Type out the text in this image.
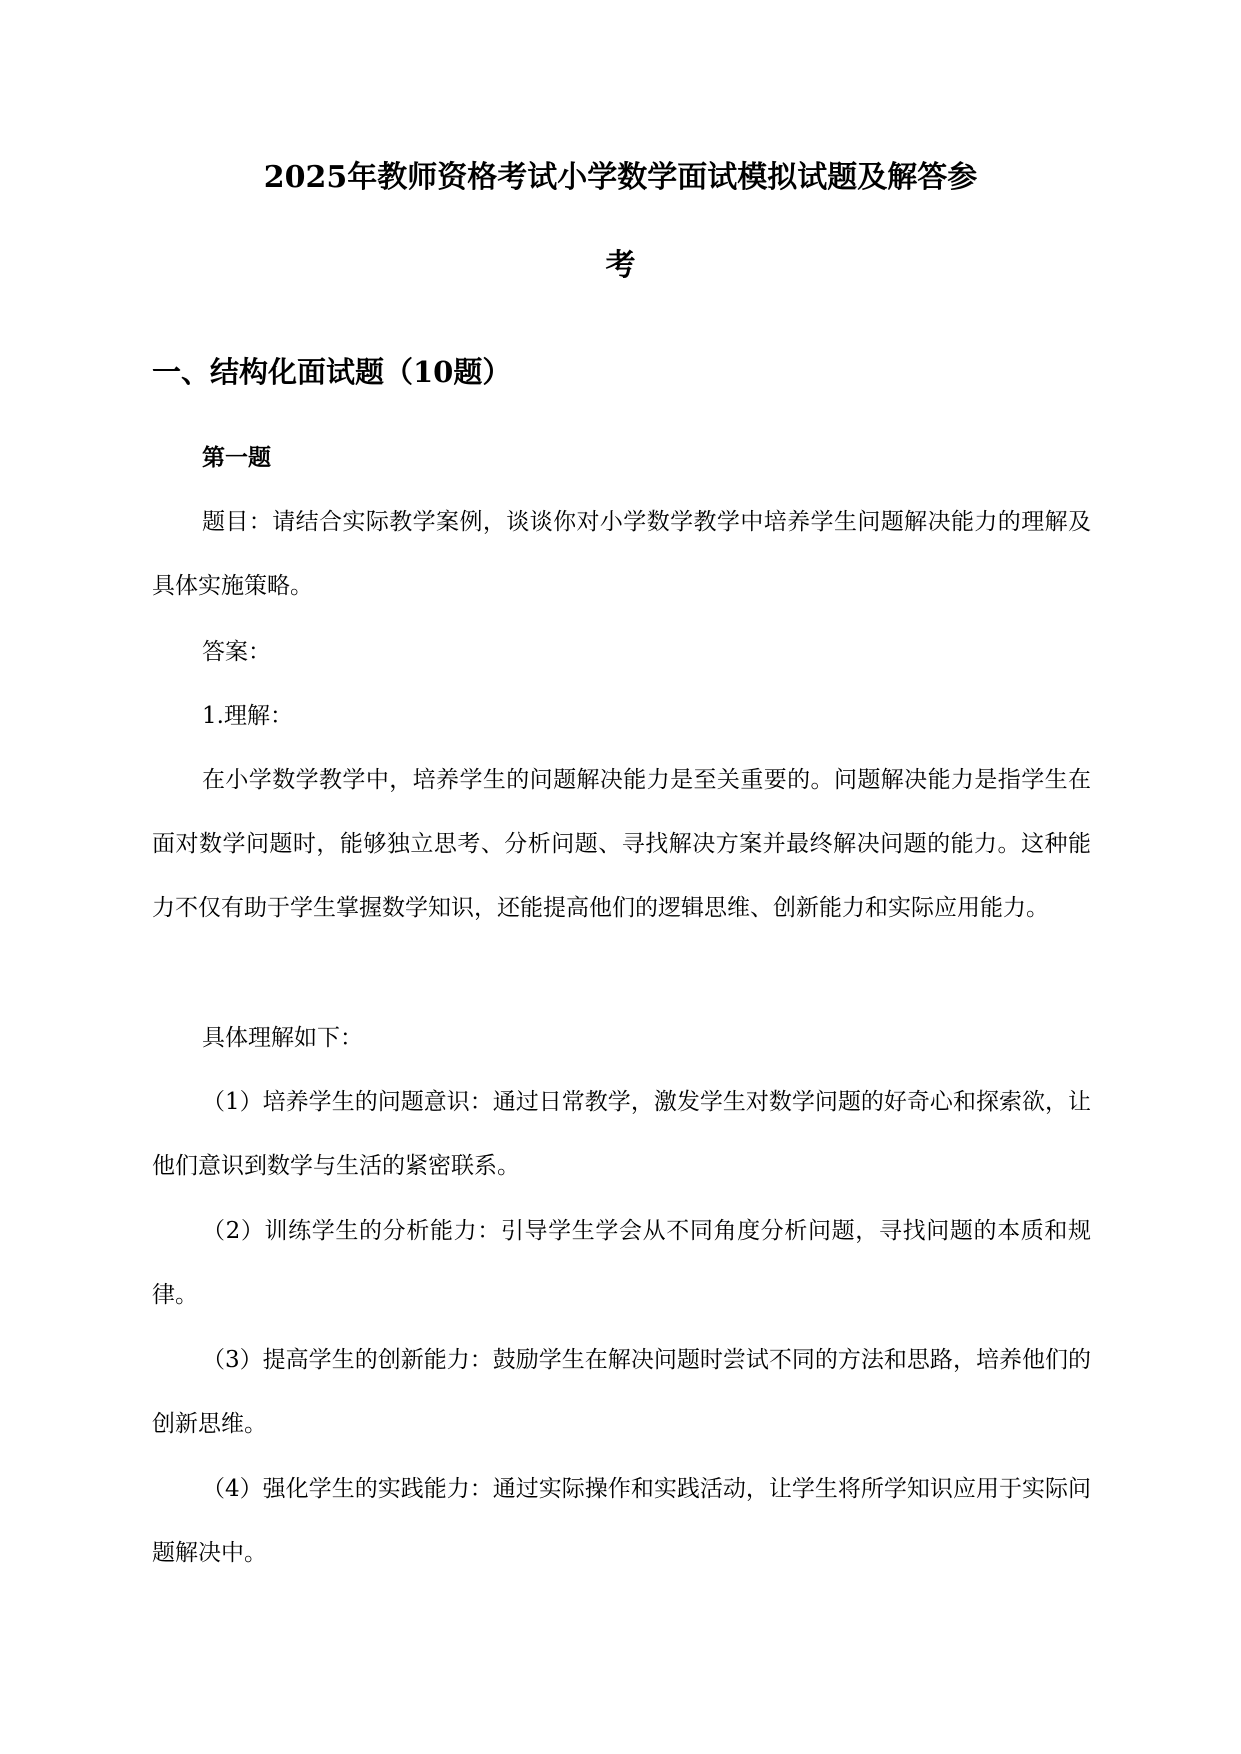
2025年教师资格考试小学数学面试模拟试题及解答参
考
一、结构化面试题（10题）
第一题

题目：请结合实际教学案例，谈谈你对小学数学教学中培养学生问题解决能力的理解及具体实施策略。

答案：

1.理解：

在小学数学教学中，培养学生的问题解决能力是至关重要的。问题解决能力是指学生在面对数学问题时，能够独立思考、分析问题、寻找解决方案并最终解决问题的能力。这种能力不仅有助于学生掌握数学知识，还能提高他们的逻辑思维、创新能力和实际应用能力。

具体理解如下：

（1）培养学生的问题意识：通过日常教学，激发学生对数学问题的好奇心和探索欲，让他们意识到数学与生活的紧密联系。

（2）训练学生的分析能力：引导学生学会从不同角度分析问题，寻找问题的本质和规律。

（3）提高学生的创新能力：鼓励学生在解决问题时尝试不同的方法和思路，培养他们的创新思维。

（4）强化学生的实践能力：通过实际操作和实践活动，让学生将所学知识应用于实际问题解决中。
